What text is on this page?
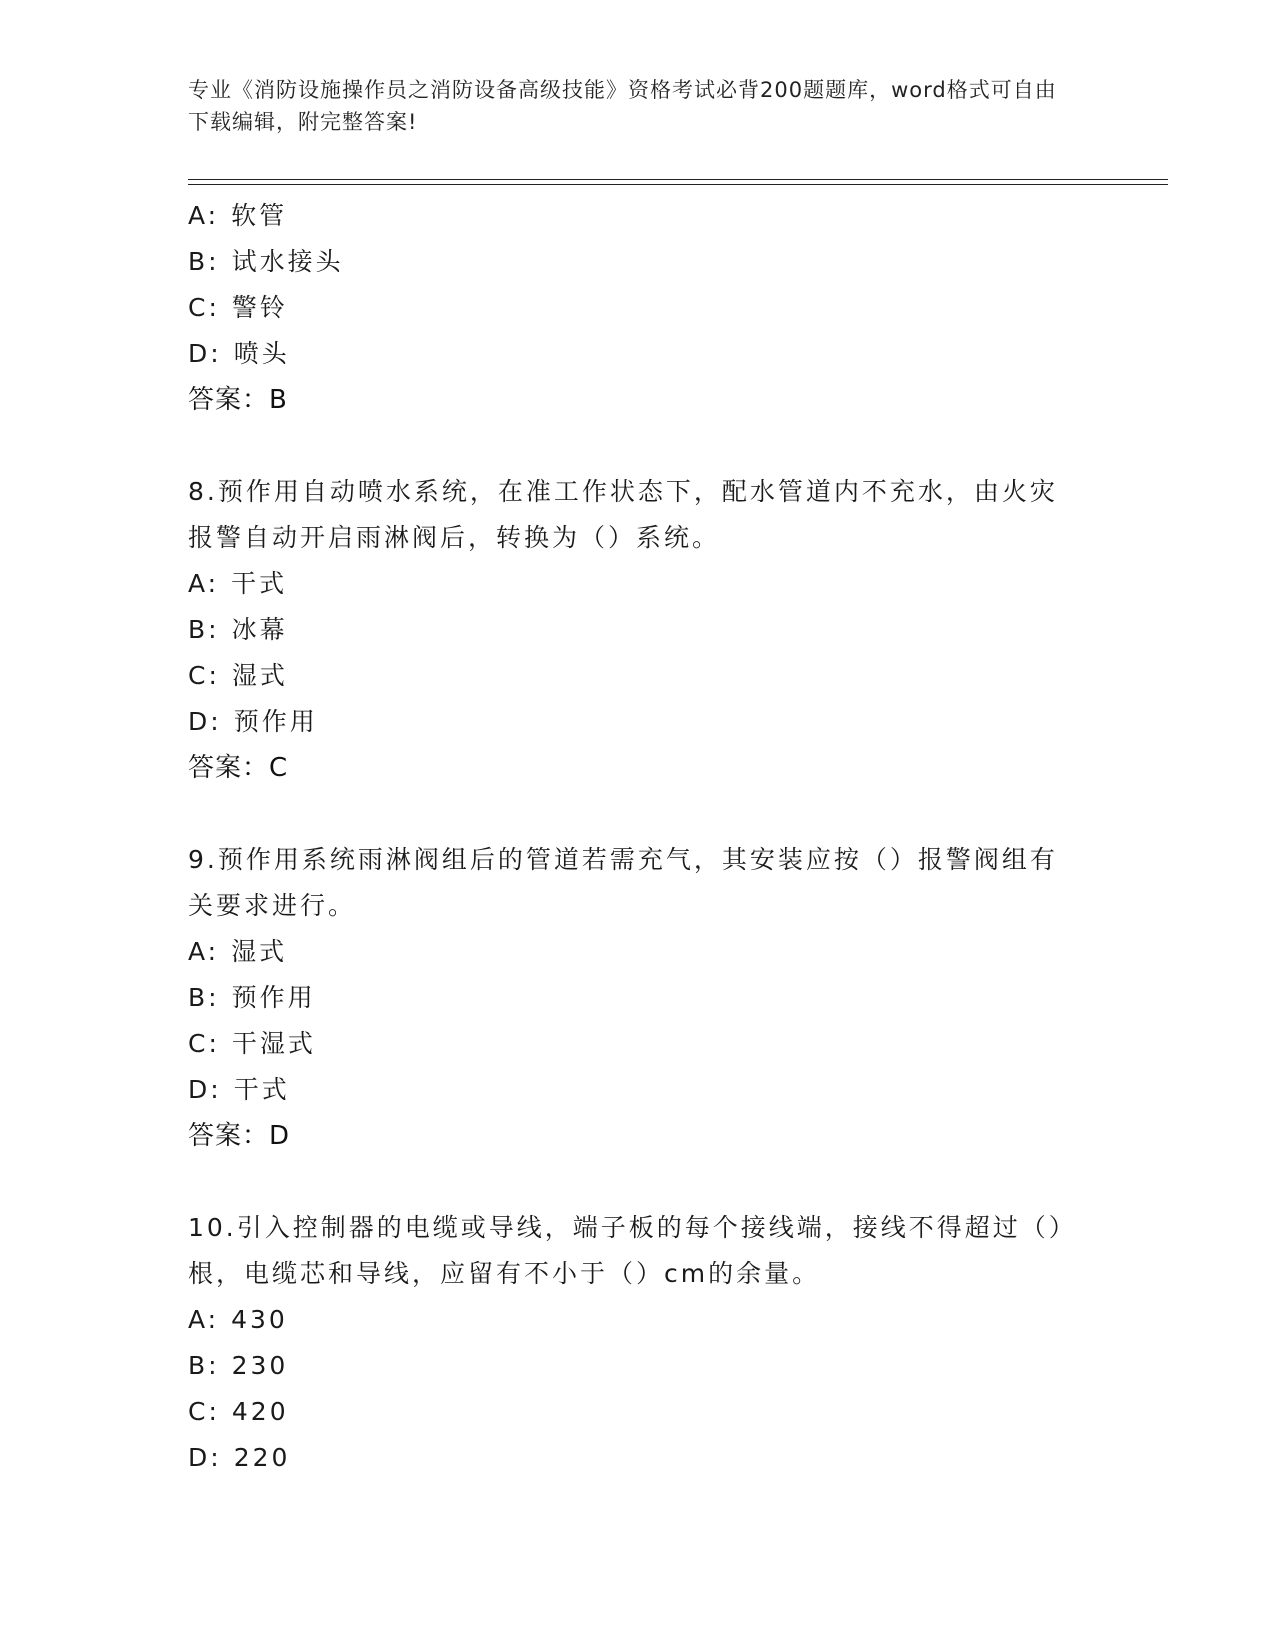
专业《消防设施操作员之消防设备高级技能》资格考试必背200题题库，word格式可自由下载编辑，附完整答案!
A: 软管
B: 试水接头
C: 警铃
D: 喷头
答案：B
8.预作用自动喷水系统，在准工作状态下，配水管道内不充水，由火灾报警自动开启雨淋阀后，转换为（）系统。
A: 干式
B: 冰幕
C: 湿式
D: 预作用
答案：C
9.预作用系统雨淋阀组后的管道若需充气，其安装应按（）报警阀组有关要求进行。
A: 湿式
B: 预作用
C: 干湿式
D: 干式
答案：D
10.引入控制器的电缆或导线，端子板的每个接线端，接线不得超过（）根，电缆芯和导线，应留有不小于（）cm的余量。
A: 430
B: 230
C: 420
D: 220
